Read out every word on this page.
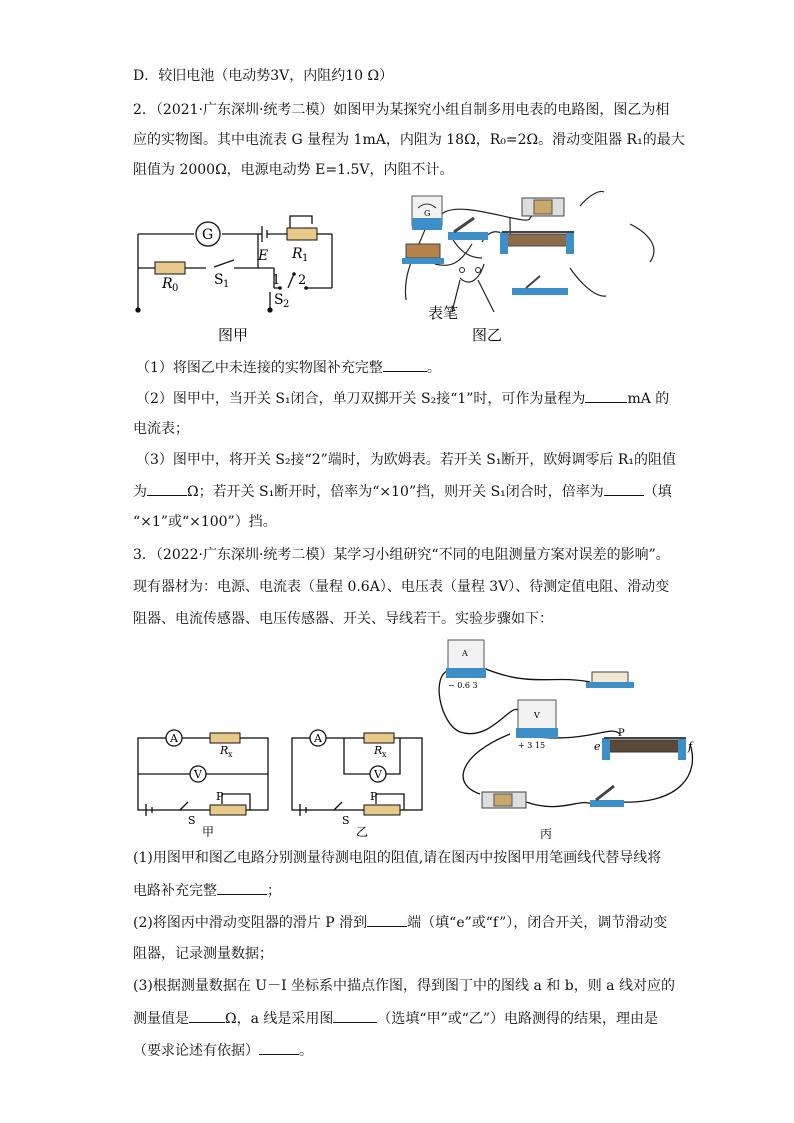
D．较旧电池（电动势3V，内阻约10 Ω）
2．（2021·广东深圳·统考二模）如图甲为某探究小组自制多用电表的电路图，图乙为相
应的实物图。其中电流表 G 量程为 1mA，内阻为 18Ω，R₀=2Ω。滑动变阻器 R₁的最大
阻值为 2000Ω，电源电动势 E=1.5V，内阻不计。
G
E R 1
R 0
S 1	1 2
S 2
图甲
G
表笔
图乙
（1）将图乙中未连接的实物图补充完整	。
（2）图甲中，当开关 S₁闭合，单刀双掷开关 S₂接“1”时，可作为量程为	mA 的
电流表；
（3）图甲中，将开关 S₂接“2”端时，为欧姆表。若开关 S₁断开，欧姆调零后 R₁的阻值
为	Ω；若开关 S₁断开时，倍率为“×10”挡，则开关 S₁闭合时，倍率为	（填
“×1”或“×100”）挡。
3．（2022·广东深圳·统考二模）某学习小组研究“不同的电阻测量方案对误差的影响”。
现有器材为：电源、电流表（量程 0.6A）、电压表（量程 3V）、待测定值电阻、滑动变
阻器、电流传感器、电压传感器、开关、导线若干。实验步骤如下：
A
R x
V
P
S
甲
A
R x
V
P
S
乙
A
− 0.6 3
V
+ 3 15
P
e	f
丙
(1)用图甲和图乙电路分别测量待测电阻的阻值,请在图丙中按图甲用笔画线代替导线将
电路补充完整	；
(2)将图丙中滑动变阻器的滑片 P 滑到	端（填“e”或“f”），闭合开关，调节滑动变
阻器，记录测量数据；
(3)根据测量数据在 U－I 坐标系中描点作图，得到图丁中的图线 a 和 b，则 a 线对应的
测量值是	Ω，a 线是采用图	（选填“甲”或“乙”）电路测得的结果，理由是
（要求论述有依据）	。
